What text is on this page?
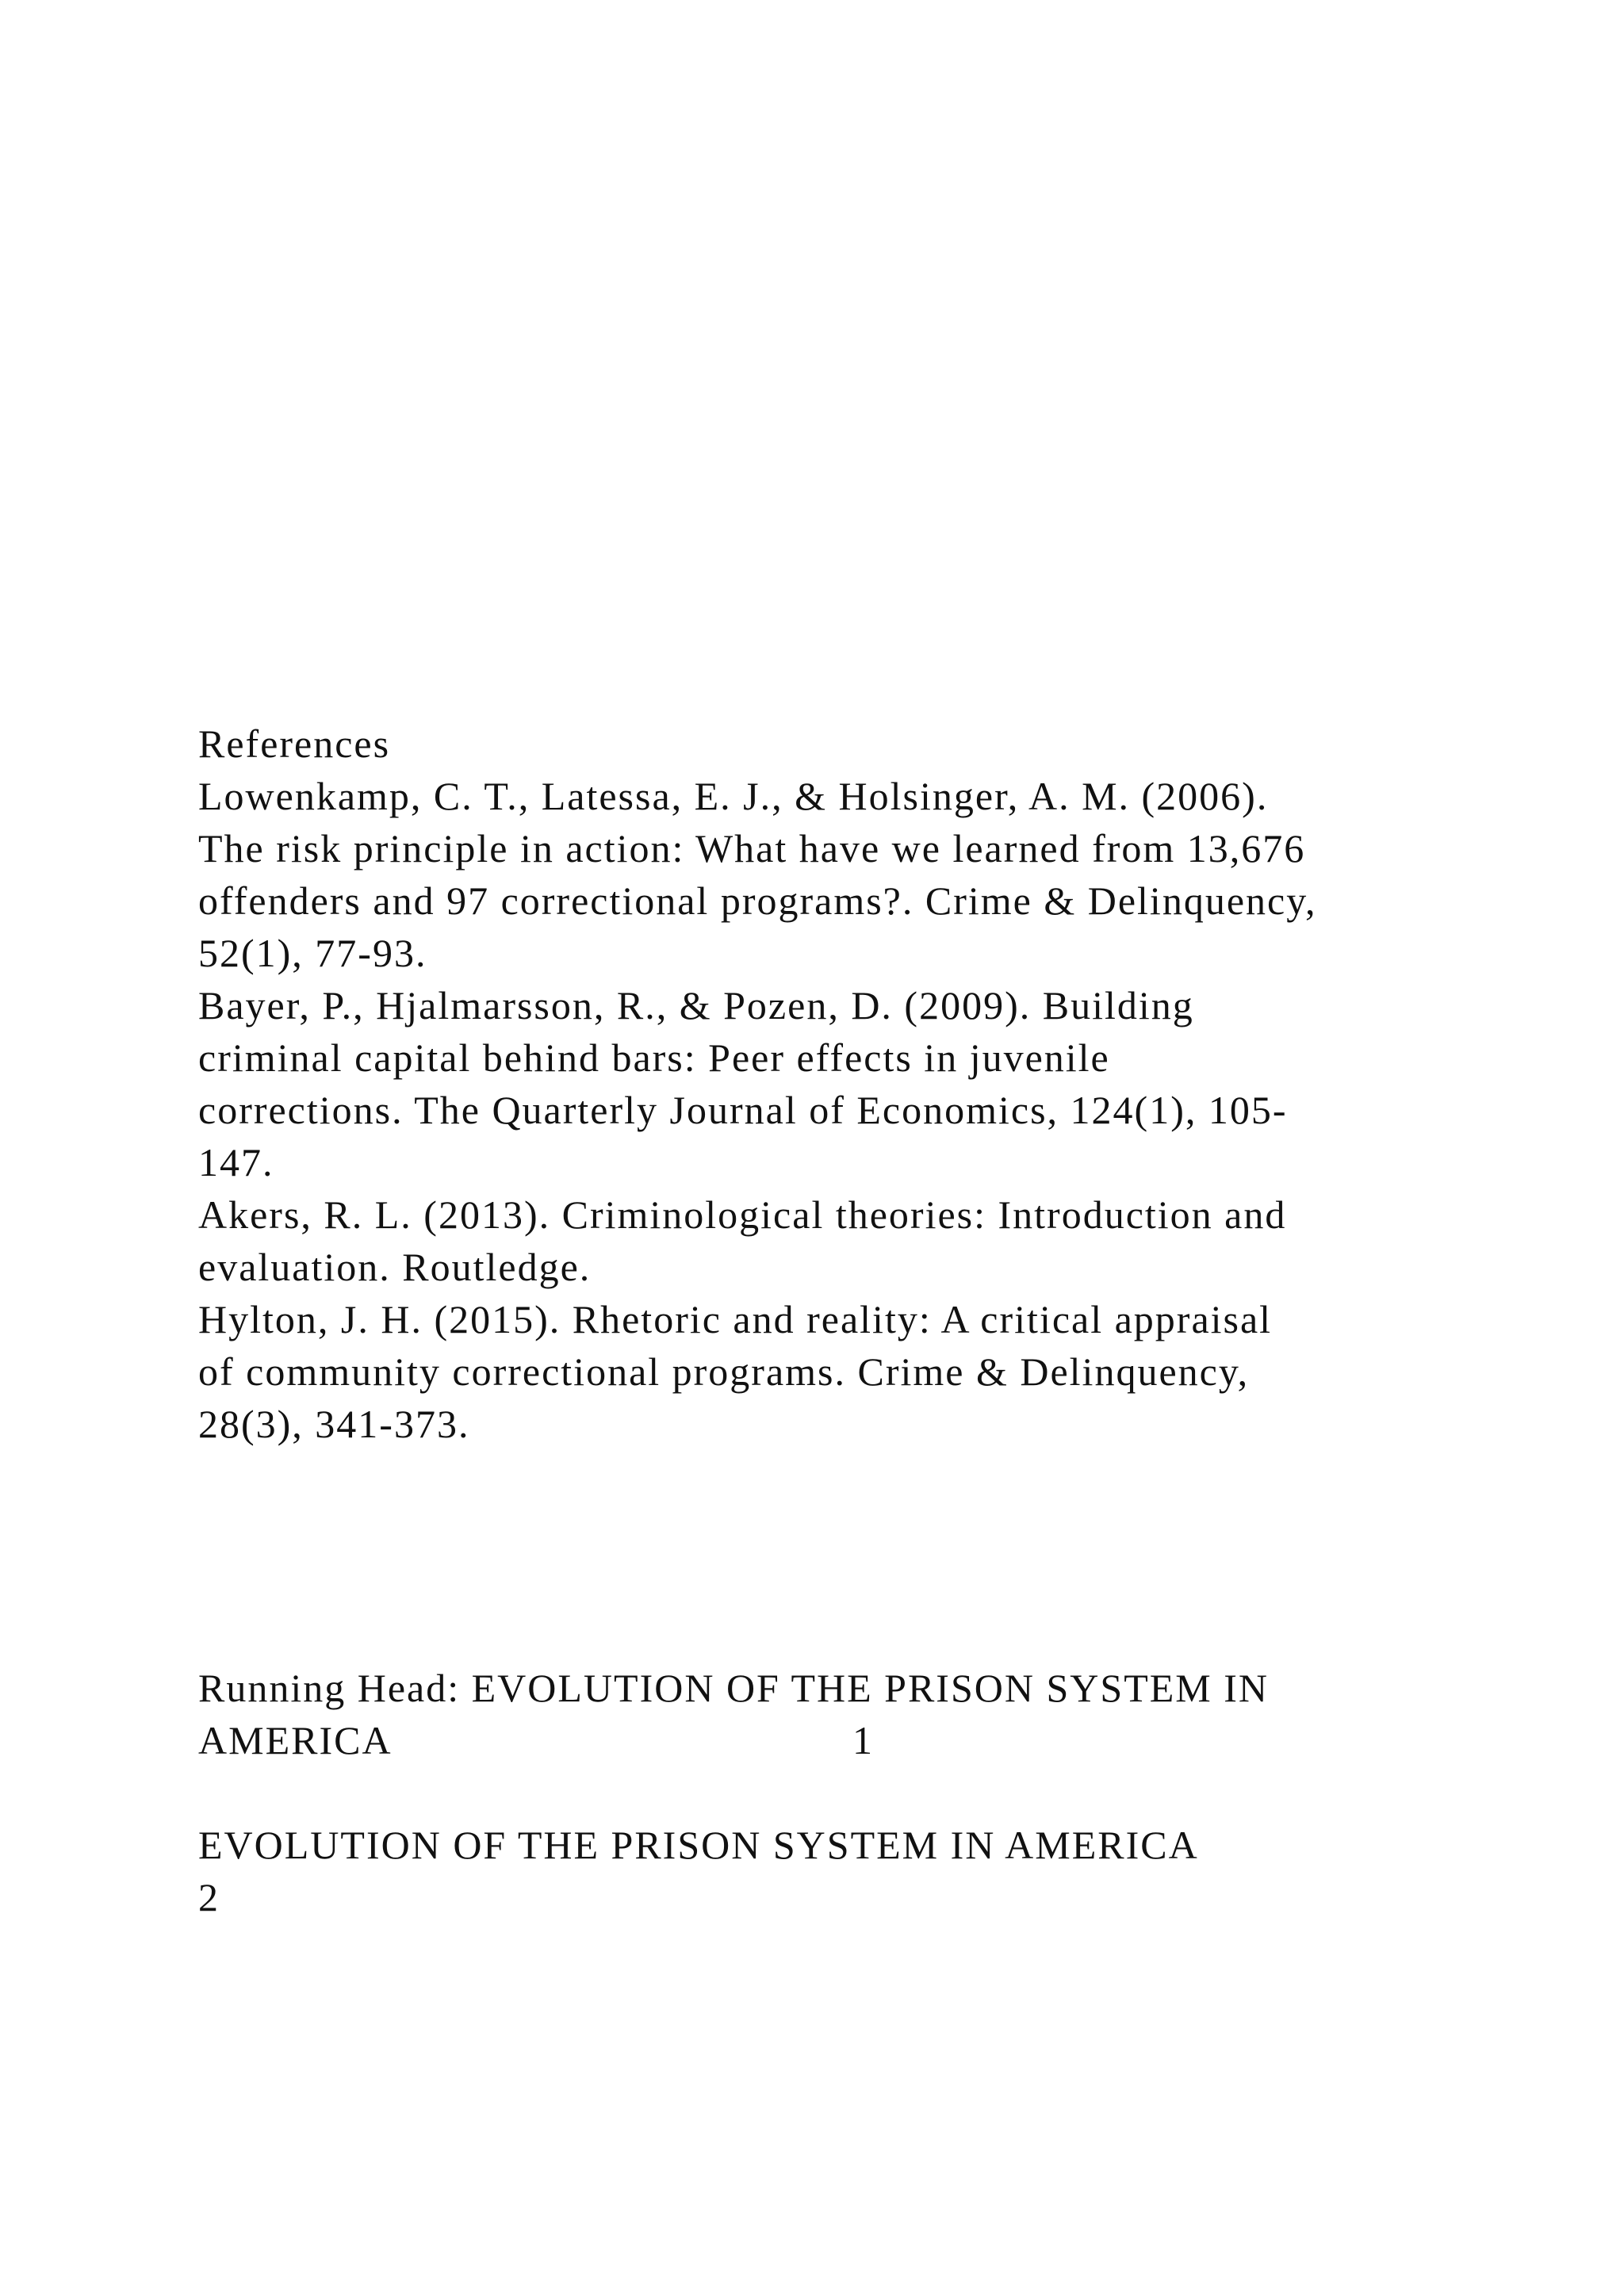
References

Lowenkamp, C. T., Latessa, E. J., & Holsinger, A. M. (2006).

The risk principle in action: What have we learned from 13,676

offenders and 97 correctional programs?. Crime & Delinquency,

52(1), 77-93.

Bayer, P., Hjalmarsson, R., & Pozen, D. (2009). Building

criminal capital behind bars: Peer effects in juvenile

corrections. The Quarterly Journal of Economics, 124(1), 105-

147.

Akers, R. L. (2013). Criminological theories: Introduction and

evaluation. Routledge.

Hylton, J. H. (2015). Rhetoric and reality: A critical appraisal

of community correctional programs. Crime & Delinquency,

28(3), 341-373.

Running Head: EVOLUTION OF THE PRISON SYSTEM IN

AMERICA	1

EVOLUTION OF THE PRISON SYSTEM IN AMERICA

2
